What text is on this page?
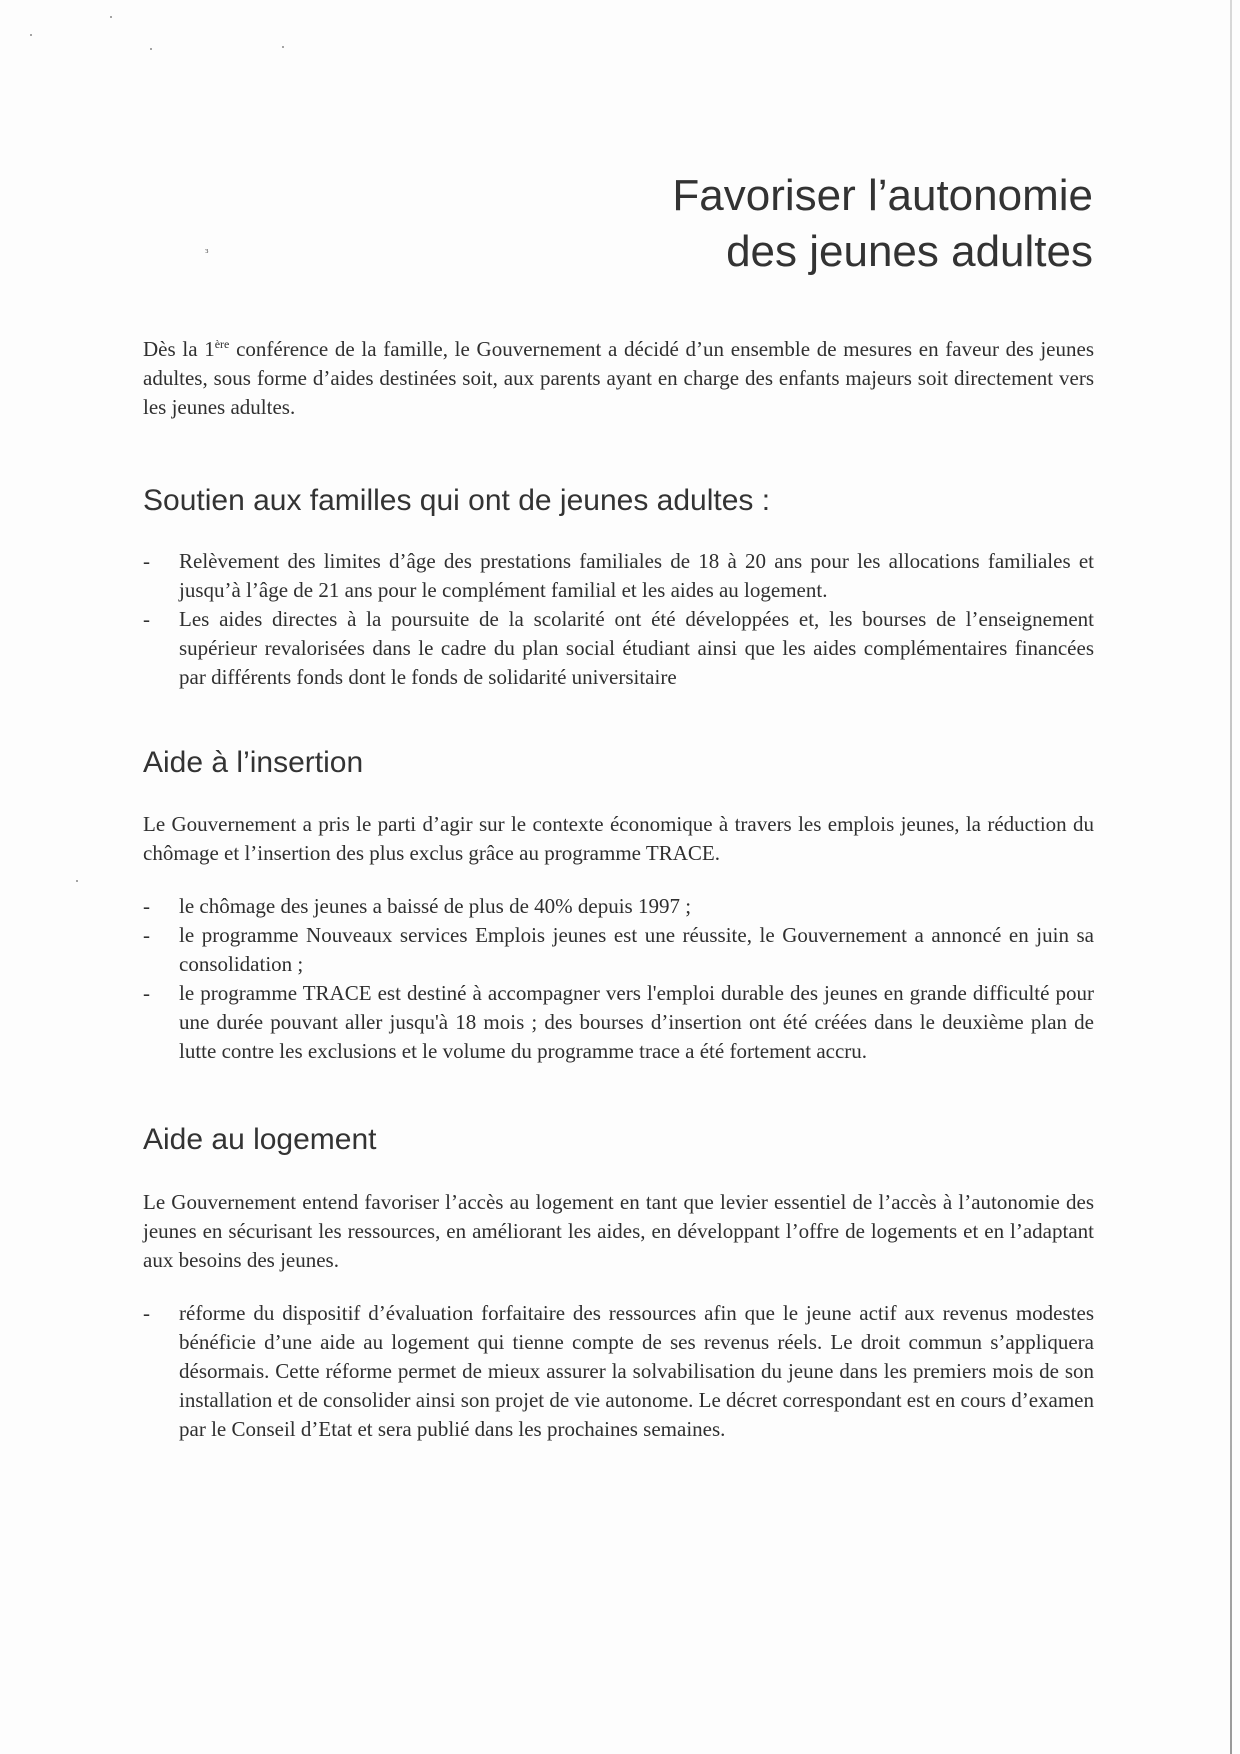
Favoriser l’autonomie
des jeunes adultes
ᶟ

Dès la 1ère conférence de la famille, le Gouvernement a décidé d’un ensemble de mesures en faveur des jeunes adultes, sous forme d’aides destinées soit, aux parents ayant en charge des enfants majeurs soit directement vers les jeunes adultes.

Soutien aux familles qui ont de jeunes adultes :
- Relèvement des limites d’âge des prestations familiales de 18 à 20 ans pour les allocations familiales et jusqu’à l’âge de 21 ans pour le complément familial et les aides au logement.
- Les aides directes à la poursuite de la scolarité ont été développées et, les bourses de l’enseignement supérieur revalorisées dans le cadre du plan social étudiant ainsi que les aides complémentaires financées par différents fonds dont le fonds de solidarité universitaire
Aide à l’insertion

Le Gouvernement a pris le parti d’agir sur le contexte économique à travers les emplois jeunes, la réduction du chômage et l’insertion des plus exclus grâce au programme TRACE.

- le chômage des jeunes a baissé de plus de 40% depuis 1997 ;
- le programme Nouveaux services Emplois jeunes est une réussite, le Gouvernement a annoncé en juin sa consolidation ;
- le programme TRACE est destiné à accompagner vers l'emploi durable des jeunes en grande difficulté pour une durée pouvant aller jusqu'à 18 mois ; des bourses d’insertion ont été créées dans le deuxième plan de lutte contre les exclusions et le volume du programme trace a été fortement accru.
Aide au logement

Le Gouvernement entend favoriser l’accès au logement en tant que levier essentiel de l’accès à l’autonomie des jeunes en sécurisant les ressources, en améliorant les aides, en développant l’offre de logements et en l’adaptant aux besoins des jeunes.

- réforme du dispositif d’évaluation forfaitaire des ressources afin que le jeune actif aux revenus modestes bénéficie d’une aide au logement qui tienne compte de ses revenus réels. Le droit commun s’appliquera désormais. Cette réforme permet de mieux assurer la solvabilisation du jeune dans les premiers mois de son installation et de consolider ainsi son projet de vie autonome. Le décret correspondant est en cours d’examen par le Conseil d’Etat et sera publié dans les prochaines semaines.
